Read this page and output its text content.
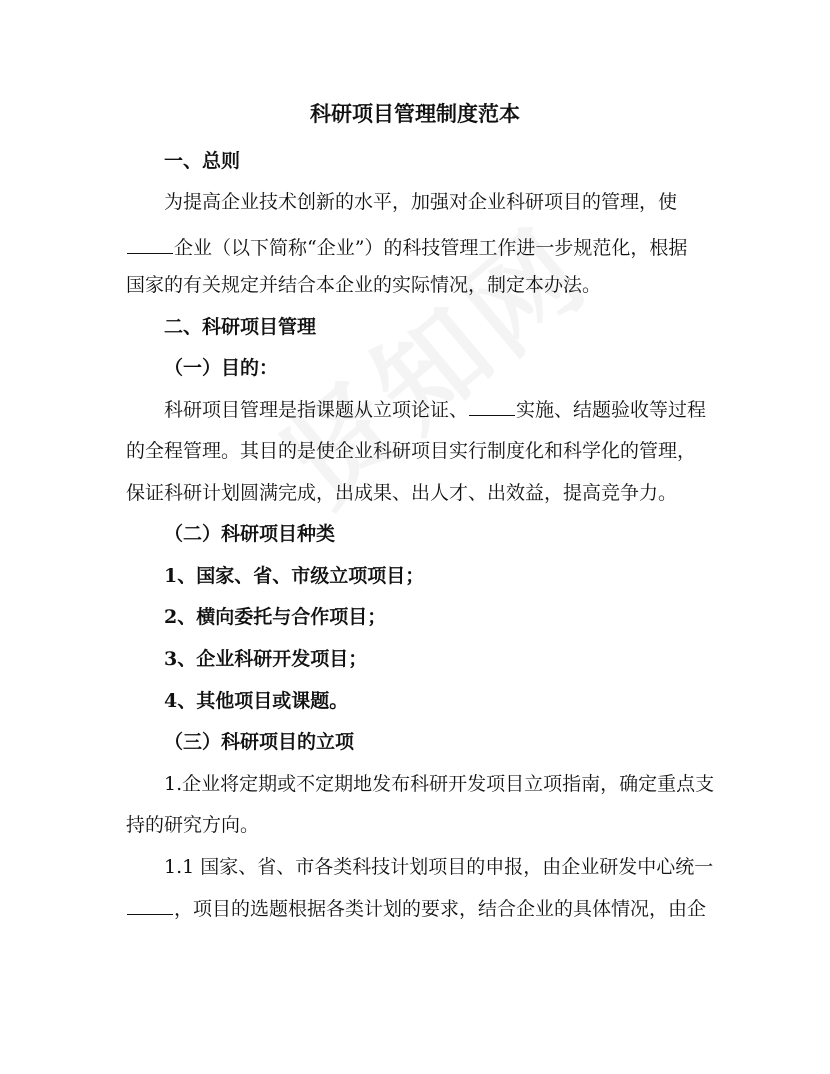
科研项目管理制度范本
一、总则
为提高企业技术创新的水平，加强对企业科研项目的管理，使
企业（以下简称“企业”）的科技管理工作进一步规范化，根据
国家的有关规定并结合本企业的实际情况，制定本办法。
二、科研项目管理
（一）目的：
科研项目管理是指课题从立项论证、	实施、结题验收等过程
的全程管理。其目的是使企业科研项目实行制度化和科学化的管理，
保证科研计划圆满完成，出成果、出人才、出效益，提高竞争力。
（二）科研项目种类
1、国家、省、市级立项项目；
2、横向委托与合作项目；
3、企业科研开发项目；
4、其他项目或课题。
（三）科研项目的立项
1.企业将定期或不定期地发布科研开发项目立项指南，确定重点支
持的研究方向。
1.1 国家、省、市各类科技计划项目的申报，由企业研发中心统一
，项目的选题根据各类计划的要求，结合企业的具体情况，由企
